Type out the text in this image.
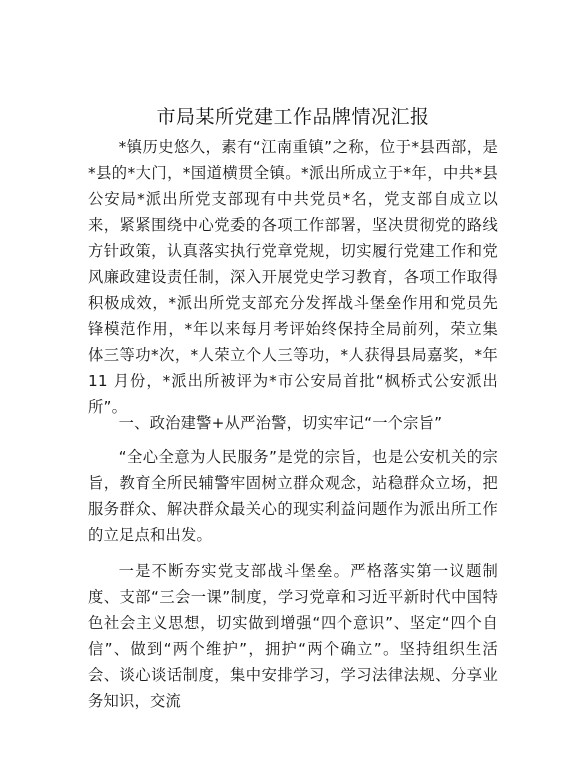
市局某所党建工作品牌情况汇报
*镇历史悠久，素有“江南重镇”之称，位于*县西部，是*县的*大门，*国道横贯全镇。*派出所成立于*年，中共*县公安局*派出所党支部现有中共党员*名，党支部自成立以来，紧紧围绕中心党委的各项工作部署，坚决贯彻党的路线方针政策，认真落实执行党章党规，切实履行党建工作和党风廉政建设责任制，深入开展党史学习教育，各项工作取得积极成效，*派出所党支部充分发挥战斗堡垒作用和党员先锋模范作用，*年以来每月考评始终保持全局前列，荣立集体三等功*次，*人荣立个人三等功，*人获得县局嘉奖，*年 11 月份，*派出所被评为*市公安局首批“枫桥式公安派出所”。
一、政治建警+从严治警，切实牢记“一个宗旨”
“全心全意为人民服务”是党的宗旨，也是公安机关的宗旨，教育全所民辅警牢固树立群众观念，站稳群众立场，把服务群众、解决群众最关心的现实利益问题作为派出所工作的立足点和出发。
一是不断夯实党支部战斗堡垒。严格落实第一议题制度、支部“三会一课”制度，学习党章和习近平新时代中国特色社会主义思想，切实做到增强“四个意识”、坚定“四个自信”、做到“两个维护”，拥护“两个确立”。坚持组织生活会、谈心谈话制度，集中安排学习，学习法律法规、分享业务知识，交流
